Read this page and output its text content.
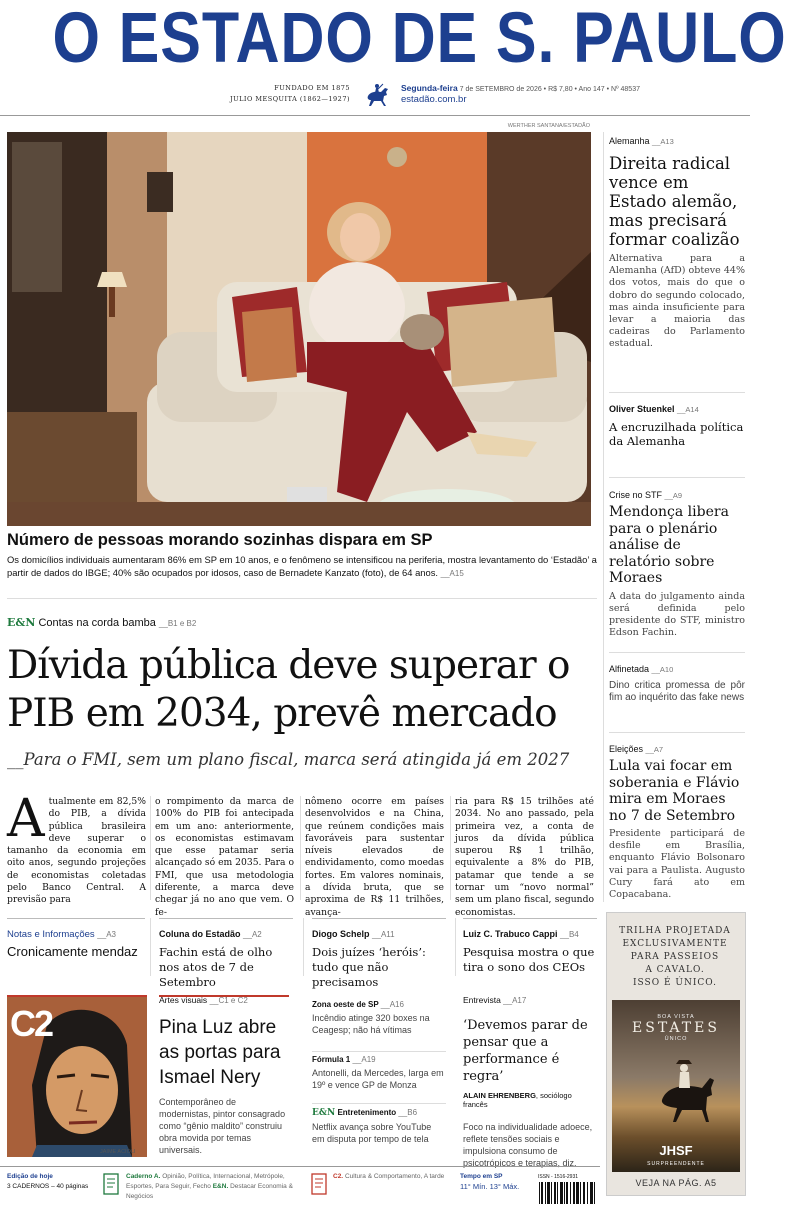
O ESTADO DE S. PAULO
FUNDADO EM 1875
JULIO MESQUITA (1862—1927)
Segunda-feira 7 de SETEMBRO de 2026 • R$ 7,80 • Ano 147 • Nº 48537
estadão.com.br
WERTHER SANTANA/ESTADÃO
Número de pessoas morando sozinhas dispara em SP
Os domicílios individuais aumentaram 86% em SP em 10 anos, e o fenômeno se intensificou na periferia, mostra levantamento do ‘Estadão’ a partir de dados do IBGE; 40% são ocupados por idosos, caso de Bernadete Kanzato (foto), de 64 anos. __A15
E&N Contas na corda bamba __B1 e B2
Dívida pública deve superar o
PIB em 2034, prevê mercado
__Para o FMI, sem um plano fiscal, marca será atingida já em 2027
Atualmente em 82,5% do PIB, a dívida pública brasileira deve superar o tamanho da economia em oito anos, segundo projeções de economistas coletadas pelo Banco Central. A previsão para
o rompimento da marca de 100% do PIB foi antecipada em um ano: anteriormente, os economistas estimavam que esse patamar seria alcançado só em 2035. Para o FMI, que usa metodologia diferente, a marca deve chegar já no ano que vem. O fe-
nômeno ocorre em países desenvolvidos e na China, que reúnem condições mais favoráveis para sustentar níveis elevados de endividamento, como moedas fortes. Em valores nominais, a dívida bruta, que se aproxima de R$ 11 trilhões, avança-
ria para R$ 15 trilhões até 2034. No ano passado, pela primeira vez, a conta de juros da dívida pública superou R$ 1 trilhão, equivalente a 8% do PIB, patamar que tende a se tornar um “novo normal” sem um plano fiscal, segundo economistas.
Alemanha __A13
Direita radical vence em Estado alemão, mas precisará formar coalizão
Alternativa para a Alemanha (AfD) obteve 44% dos votos, mais do que o dobro do segundo colocado, mas ainda insuficiente para levar a maioria das cadeiras do Parlamento estadual.
Oliver Stuenkel __A14
A encruzilhada política da Alemanha
Crise no STF __A9
Mendonça libera para o plenário análise de relatório sobre Moraes
A data do julgamento ainda será definida pelo presidente do STF, ministro Edson Fachin.
Alfinetada __A10
Dino critica promessa de pôr fim ao inquérito das fake news
Eleições __A7
Lula vai focar em soberania e Flávio mira em Moraes no 7 de Setembro
Presidente participará de desfile em Brasília, enquanto Flávio Bolsonaro vai para a Paulista. Augusto Cury fará ato em Copacabana.
Notas e Informações __A3
Cronicamente mendaz
Coluna do Estadão __A2
Fachin está de olho nos atos de 7 de Setembro
Diogo Schelp __A11
Dois juízes ‘heróis’: tudo que não precisamos
Luiz C. Trabuco Cappi __B4
Pesquisa mostra o que tira o sono dos CEOs
C2
JAIME ACIOLI
Artes visuais __C1 e C2
Pina Luz abre as portas para Ismael Nery
Contemporâneo de modernistas, pintor consagrado como “gênio maldito” construiu obra movida por temas universais.
Zona oeste de SP __A16
Incêndio atinge 320 boxes na Ceagesp; não há vítimas
Fórmula 1 __A19
Antonelli, da Mercedes, larga em 19º e vence GP de Monza
E&N Entretenimento __B6
Netflix avança sobre YouTube em disputa por tempo de tela
Entrevista __A17
‘Devemos parar de pensar que a performance é regra’
ALAIN EHRENBERG, sociólogo francês
Foco na individualidade adoece, reflete tensões sociais e impulsiona consumo de psicotrópicos e terapias, diz.
TRILHA PROJETADA
EXCLUSIVAMENTE
PARA PASSEIOS
A CAVALO.
ISSO É ÚNICO.
BOA VISTA
ESTATES
ÚNICO
JHSF
SURPREENDENTE
VEJA NA PÁG. A5
Edição de hoje
3 CADERNOS – 40 páginas
Caderno A. Opinião, Política, Internacional, Metrópole, Esportes, Para Seguir, Fecho E&N. Destacar Economia & Negócios
C2. Cultura & Comportamento, A tarde	Tempo em SP
11° Mín. 13° Máx.
ISSN - 1516-2931
